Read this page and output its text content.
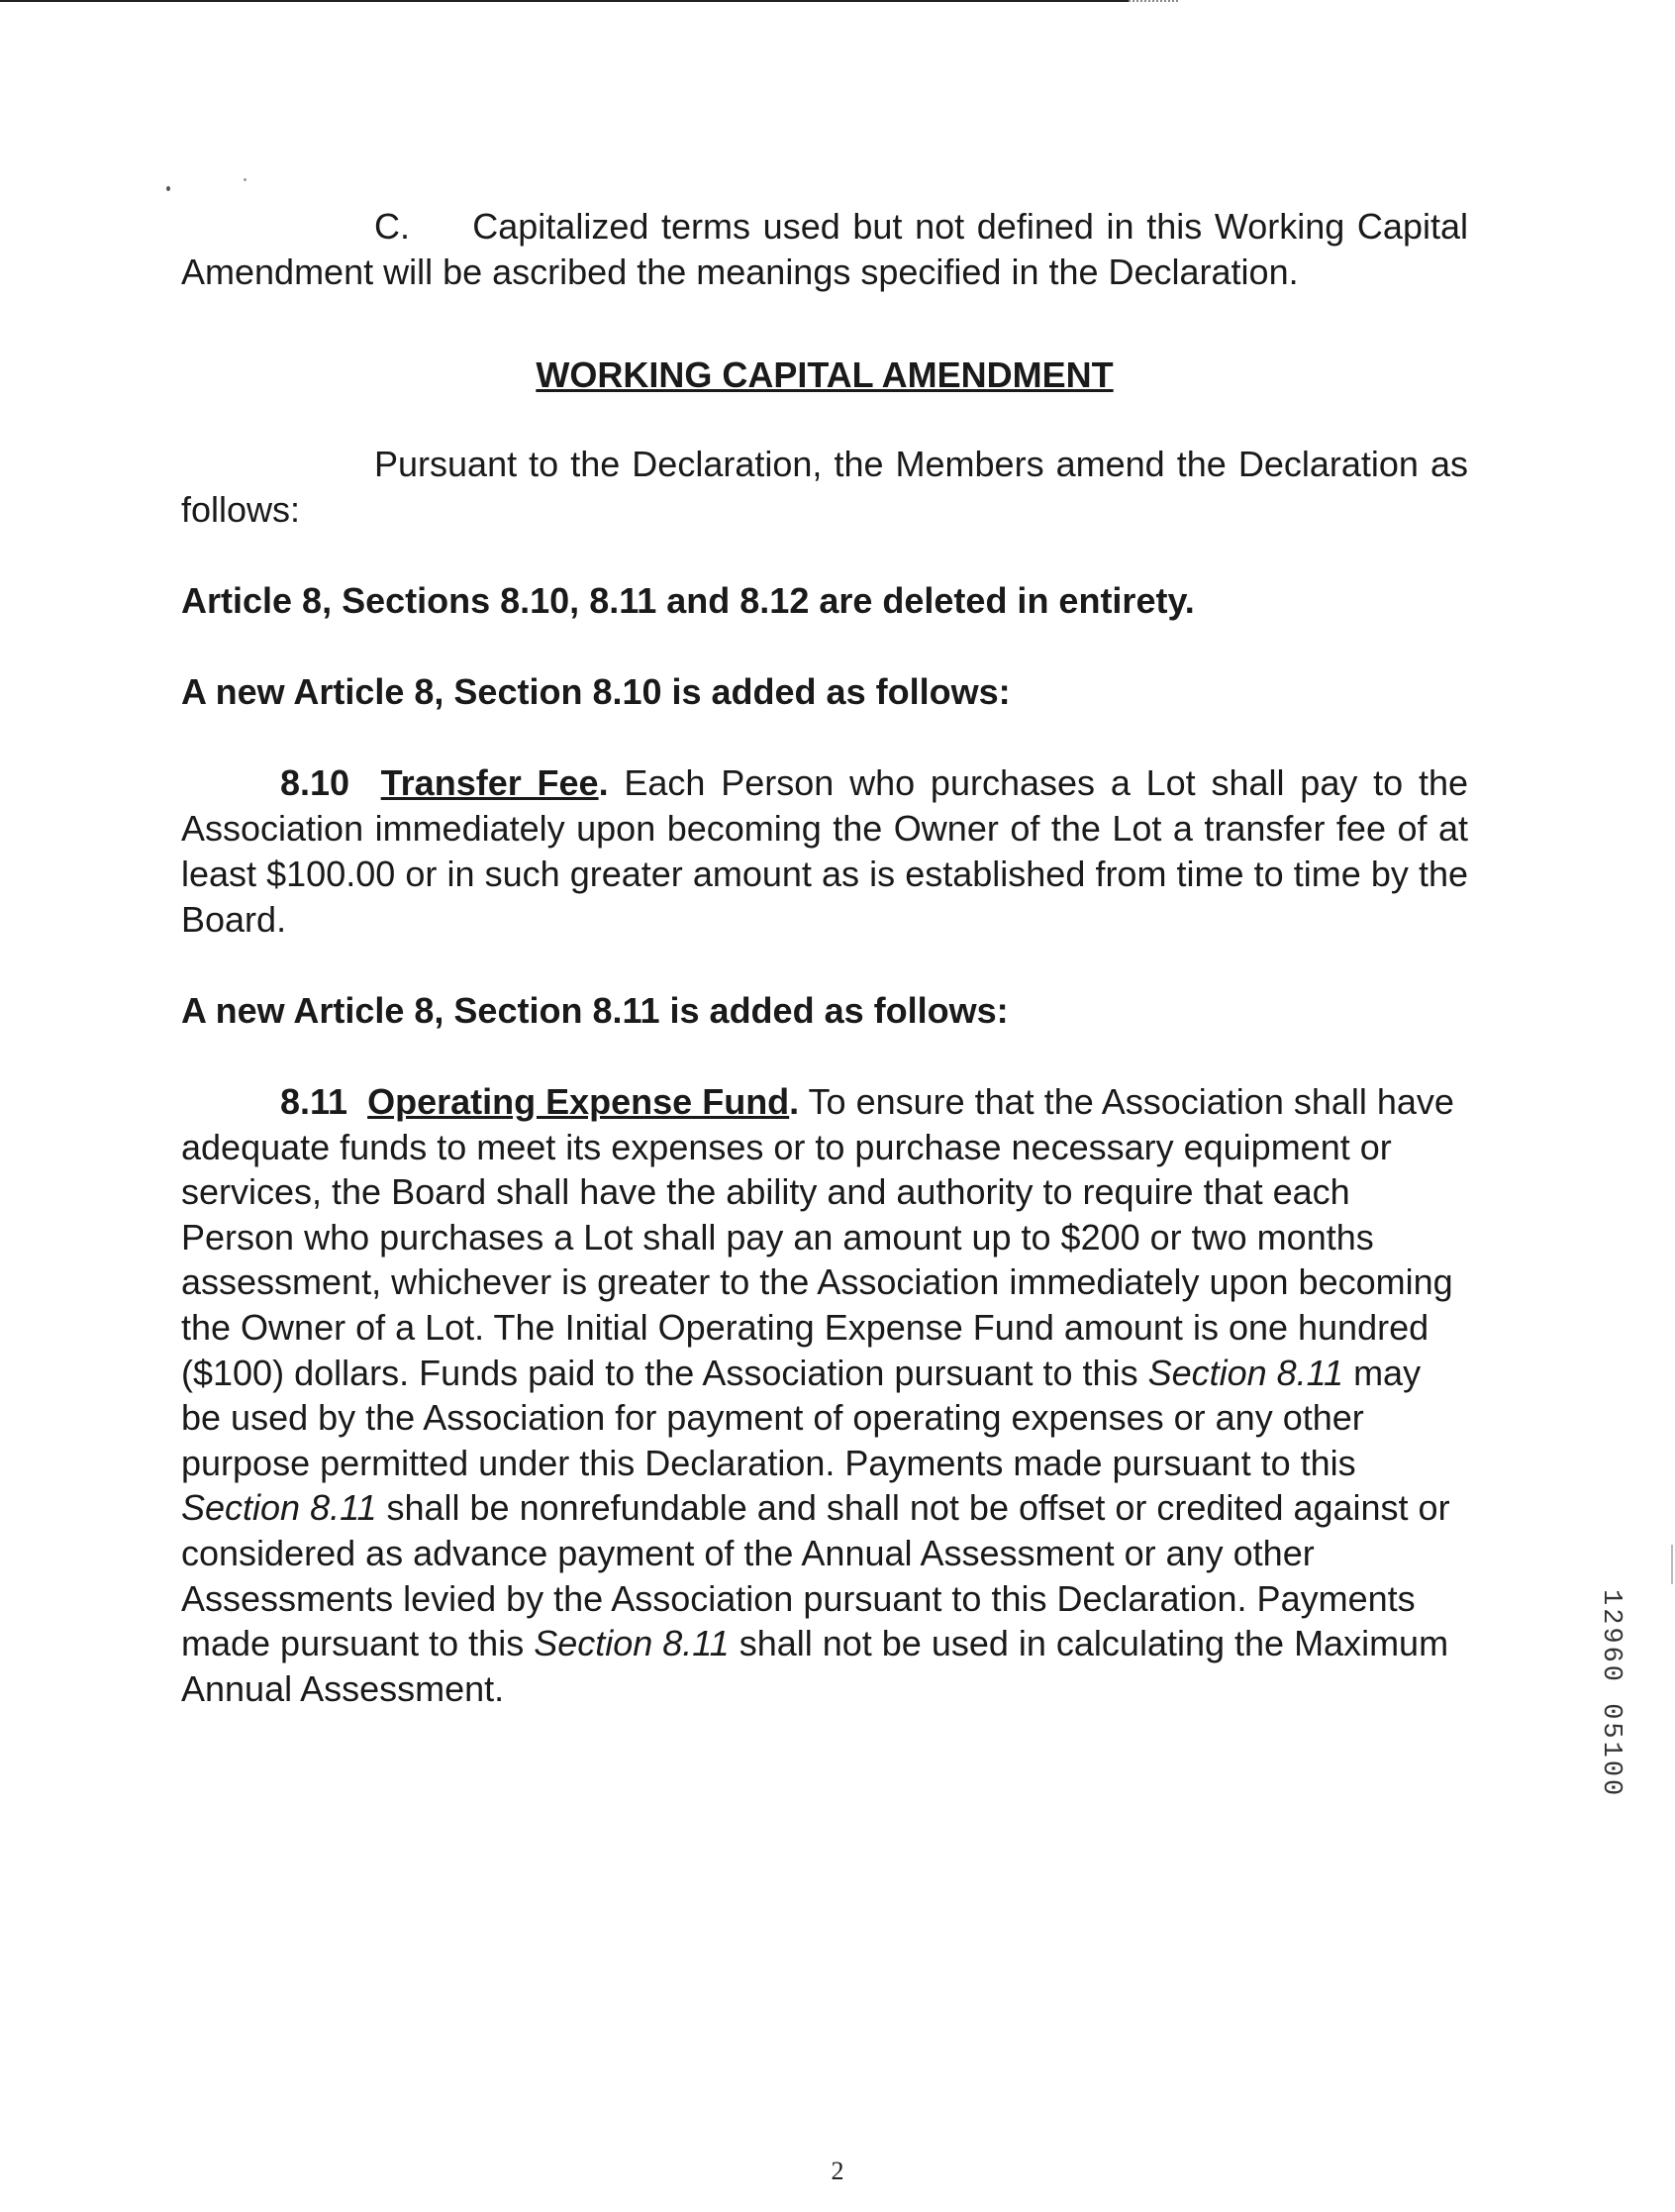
C. Capitalized terms used but not defined in this Working Capital Amendment will be ascribed the meanings specified in the Declaration.

WORKING CAPITAL AMENDMENT

Pursuant to the Declaration, the Members amend the Declaration as follows:

Article 8, Sections 8.10, 8.11 and 8.12 are deleted in entirety.

A new Article 8, Section 8.10 is added as follows:

8.10 Transfer Fee. Each Person who purchases a Lot shall pay to the Association immediately upon becoming the Owner of the Lot a transfer fee of at least $100.00 or in such greater amount as is established from time to time by the Board.

A new Article 8, Section 8.11 is added as follows:

8.11 Operating Expense Fund. To ensure that the Association shall have adequate funds to meet its expenses or to purchase necessary equipment or services, the Board shall have the ability and authority to require that each Person who purchases a Lot shall pay an amount up to $200 or two months assessment, whichever is greater to the Association immediately upon becoming the Owner of a Lot. The Initial Operating Expense Fund amount is one hundred ($100) dollars. Funds paid to the Association pursuant to this Section 8.11 may be used by the Association for payment of operating expenses or any other purpose permitted under this Declaration. Payments made pursuant to this Section 8.11 shall be nonrefundable and shall not be offset or credited against or considered as advance payment of the Annual Assessment or any other Assessments levied by the Association pursuant to this Declaration. Payments made pursuant to this Section 8.11 shall not be used in calculating the Maximum Annual Assessment.	12960 05100
2
